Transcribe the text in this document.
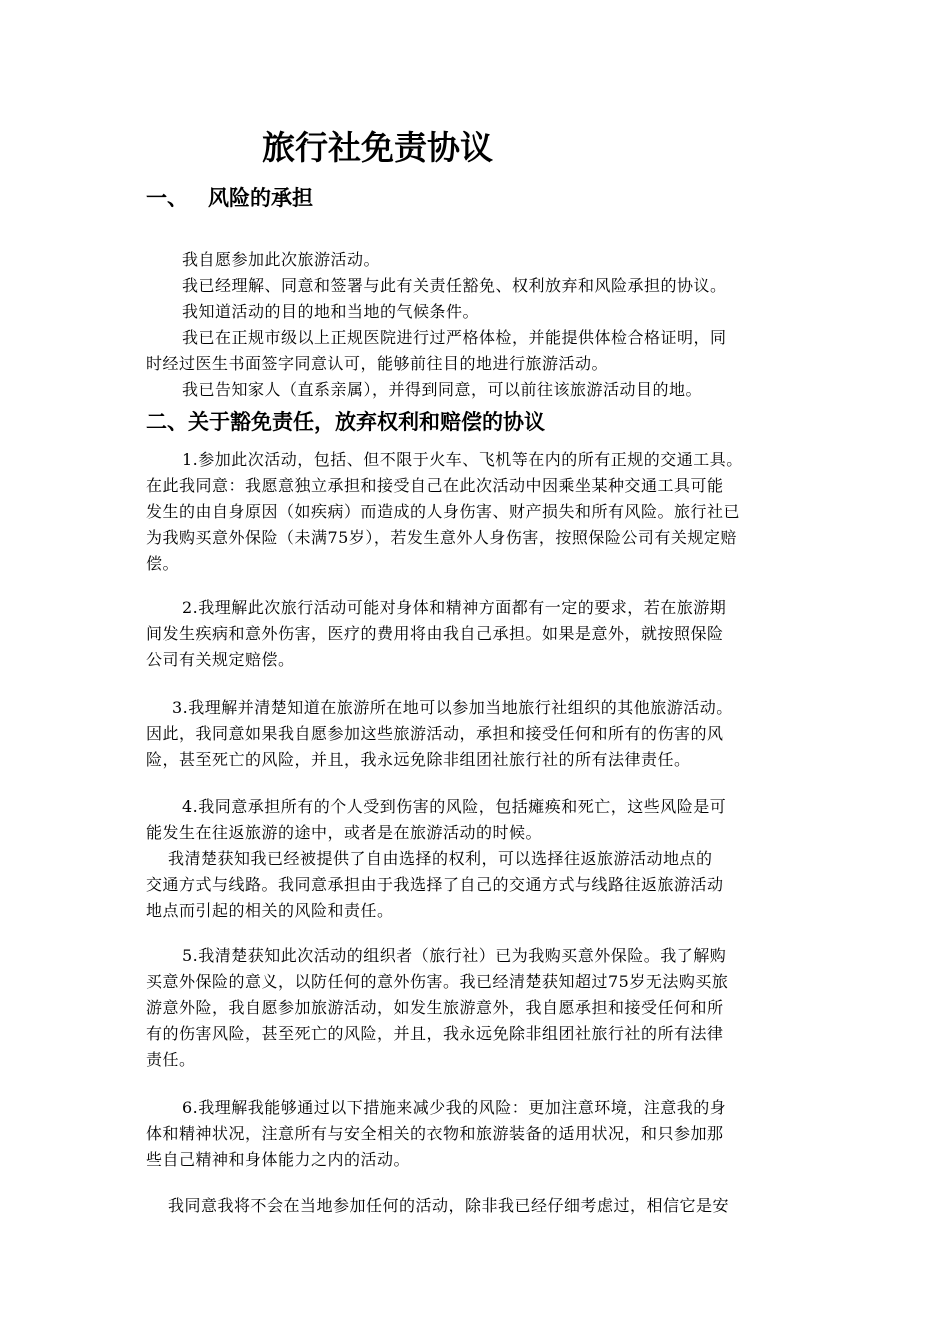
旅行社免责协议
一、 风险的承担
我自愿参加此次旅游活动。
我已经理解、同意和签署与此有关责任豁免、权利放弃和风险承担的协议。
我知道活动的目的地和当地的气候条件。
我已在正规市级以上正规医院进行过严格体检，并能提供体检合格证明，同
时经过医生书面签字同意认可，能够前往目的地进行旅游活动。
我已告知家人（直系亲属），并得到同意，可以前往该旅游活动目的地。
二、关于豁免责任，放弃权利和赔偿的协议
1.参加此次活动，包括、但不限于火车、飞机等在内的所有正规的交通工具。
在此我同意：我愿意独立承担和接受自己在此次活动中因乘坐某种交通工具可能
发生的由自身原因（如疾病）而造成的人身伤害、财产损失和所有风险。旅行社已
为我购买意外保险（未满75岁），若发生意外人身伤害，按照保险公司有关规定赔
偿。
2.我理解此次旅行活动可能对身体和精神方面都有一定的要求，若在旅游期
间发生疾病和意外伤害，医疗的费用将由我自己承担。如果是意外，就按照保险
公司有关规定赔偿。
3.我理解并清楚知道在旅游所在地可以参加当地旅行社组织的其他旅游活动。
因此，我同意如果我自愿参加这些旅游活动，承担和接受任何和所有的伤害的风
险，甚至死亡的风险，并且，我永远免除非组团社旅行社的所有法律责任。
4.我同意承担所有的个人受到伤害的风险，包括瘫痪和死亡，这些风险是可
能发生在往返旅游的途中，或者是在旅游活动的时候。
我清楚获知我已经被提供了自由选择的权利，可以选择往返旅游活动地点的
交通方式与线路。我同意承担由于我选择了自己的交通方式与线路往返旅游活动
地点而引起的相关的风险和责任。
5.我清楚获知此次活动的组织者（旅行社）已为我购买意外保险。我了解购
买意外保险的意义，以防任何的意外伤害。我已经清楚获知超过75岁无法购买旅
游意外险，我自愿参加旅游活动，如发生旅游意外，我自愿承担和接受任何和所
有的伤害风险，甚至死亡的风险，并且，我永远免除非组团社旅行社的所有法律
责任。
6.我理解我能够通过以下措施来减少我的风险：更加注意环境，注意我的身
体和精神状况，注意所有与安全相关的衣物和旅游装备的适用状况，和只参加那
些自己精神和身体能力之内的活动。
我同意我将不会在当地参加任何的活动，除非我已经仔细考虑过，相信它是安
